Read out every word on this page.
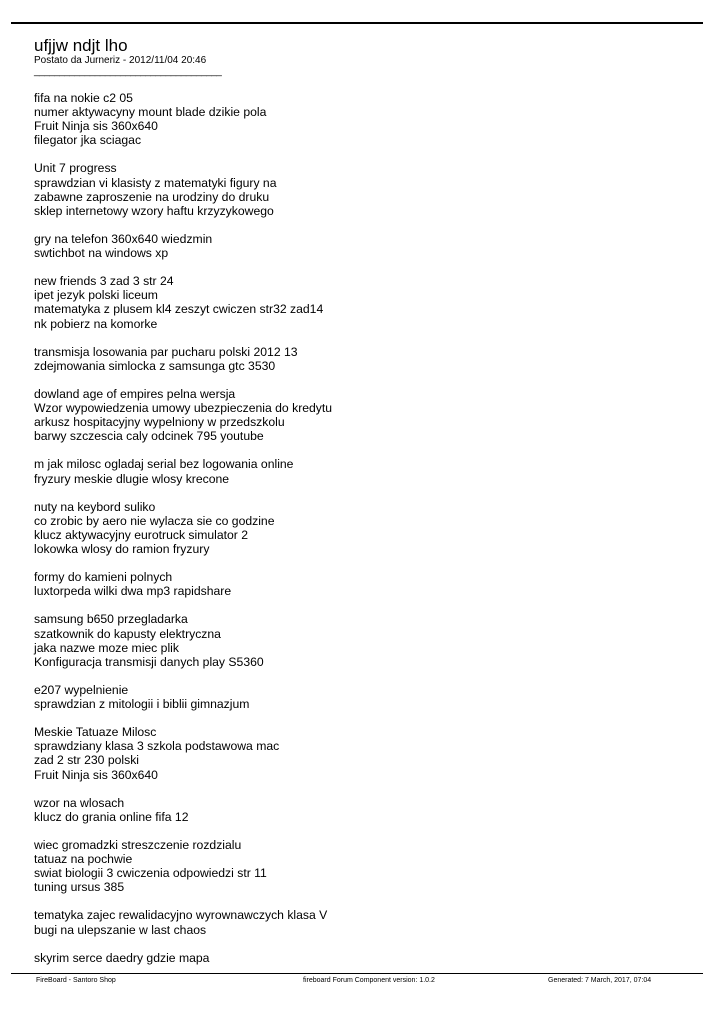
ufjjw ndjt lho
Postato da Jurneriz - 2012/11/04 20:46
_____________________________________
fifa na nokie c2 05
numer aktywacyny mount blade dzikie pola
Fruit Ninja sis 360x640
filegator jka sciagac
Unit 7 progress
sprawdzian vi klasisty z matematyki figury na
zabawne zaproszenie na urodziny do druku
sklep internetowy wzory haftu krzyzykowego
gry na telefon 360x640 wiedzmin
swtichbot na windows xp
new friends 3 zad 3 str 24
ipet jezyk polski liceum
matematyka z plusem kl4 zeszyt cwiczen str32 zad14
nk pobierz na komorke
transmisja losowania par pucharu polski 2012 13
zdejmowania simlocka z samsunga gtc 3530
dowland age of empires pelna wersja
Wzor wypowiedzenia umowy ubezpieczenia do kredytu
arkusz hospitacyjny wypelniony w przedszkolu
barwy szczescia caly odcinek 795 youtube
m jak milosc ogladaj serial bez logowania online
fryzury meskie dlugie wlosy krecone
nuty na keybord suliko
co zrobic by aero nie wylacza sie co godzine
klucz aktywacyjny eurotruck simulator 2
lokowka wlosy do ramion fryzury
formy do kamieni polnych
luxtorpeda wilki dwa mp3 rapidshare
samsung b650 przegladarka
szatkownik do kapusty elektryczna
jaka nazwe moze miec plik
Konfiguracja transmisji danych play S5360
e207 wypelnienie
sprawdzian z mitologii i biblii gimnazjum
Meskie Tatuaze Milosc
sprawdziany klasa 3 szkola podstawowa mac
zad 2 str 230 polski
Fruit Ninja sis 360x640
wzor na wlosach
klucz do grania online fifa 12
wiec gromadzki streszczenie rozdzialu
tatuaz na pochwie
swiat biologii 3 cwiczenia odpowiedzi str 11
tuning ursus 385
tematyka zajec rewalidacyjno wyrownawczych klasa V
bugi na ulepszanie w last chaos
skyrim serce daedry gdzie mapa
FireBoard - Santoro Shop	fireboard Forum Component version: 1.0.2	Generated: 7 March, 2017, 07:04
